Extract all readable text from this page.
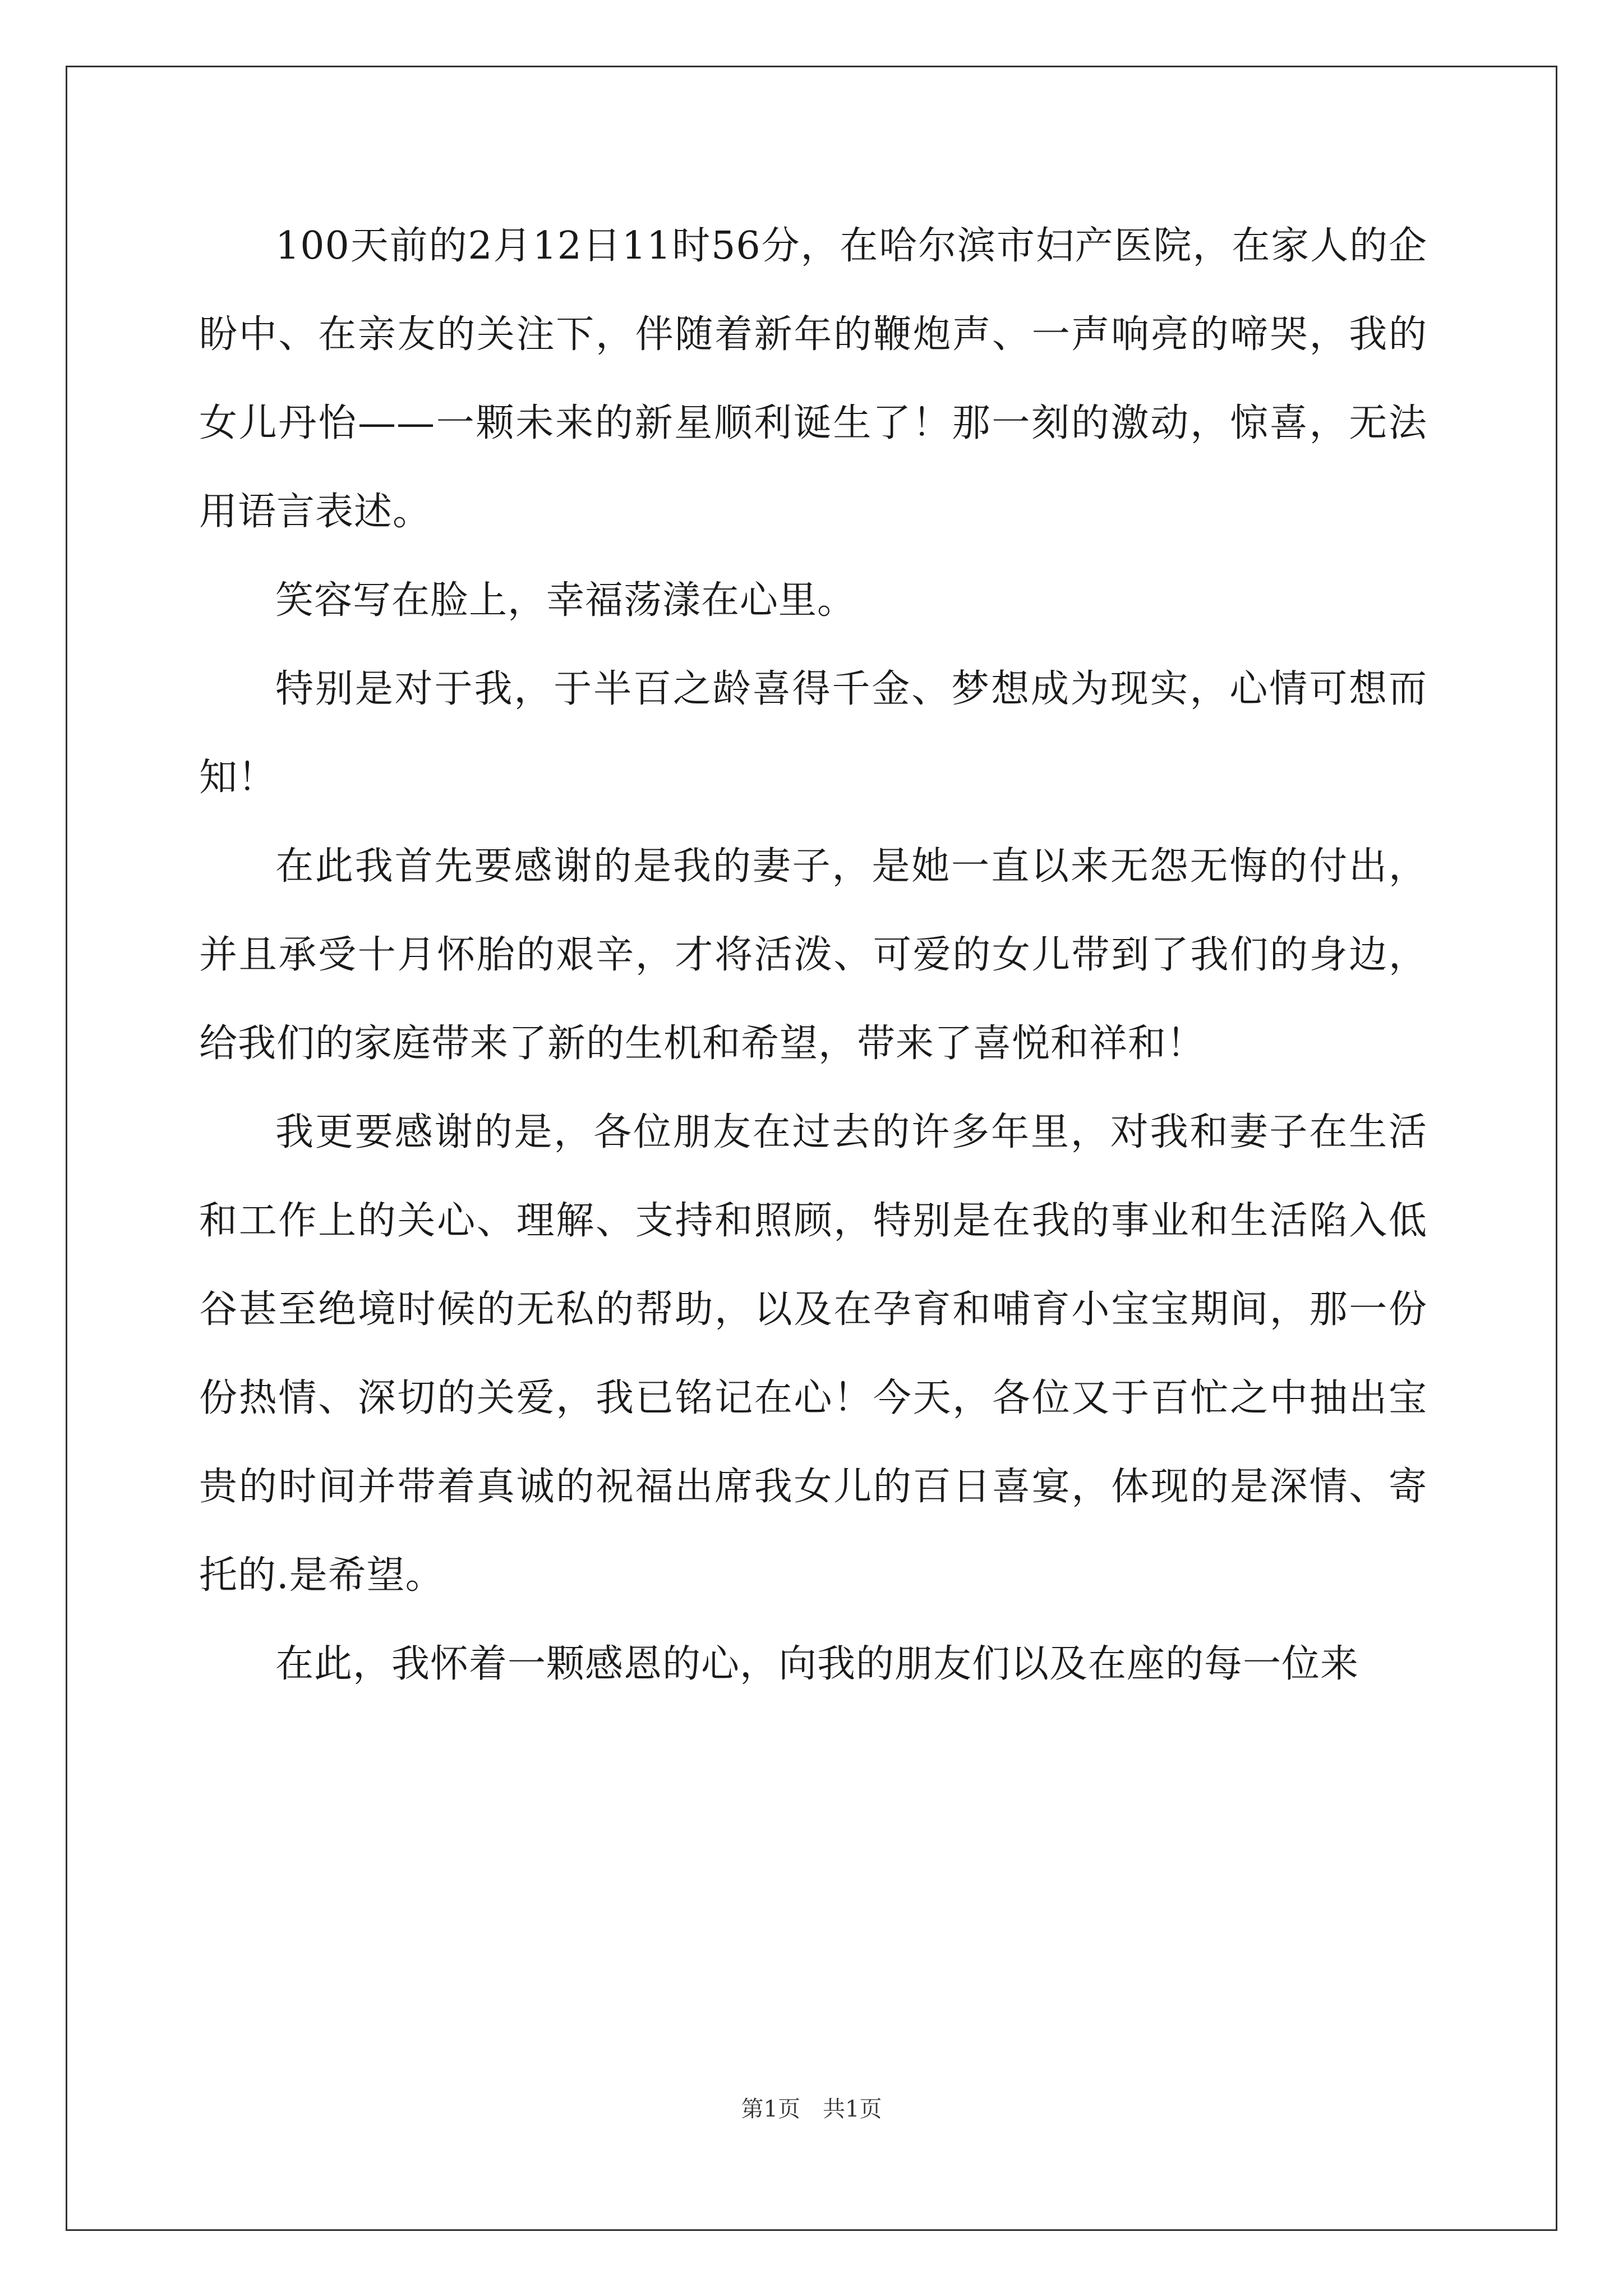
100天前的2月12日11时56分，在哈尔滨市妇产医院，在家人的企盼中、在亲友的关注下，伴随着新年的鞭炮声、一声响亮的啼哭，我的女儿丹怡——一颗未来的新星顺利诞生了！那一刻的激动，惊喜，无法用语言表述。

笑容写在脸上，幸福荡漾在心里。

特别是对于我，于半百之龄喜得千金、梦想成为现实，心情可想而知！

在此我首先要感谢的是我的妻子，是她一直以来无怨无悔的付出，并且承受十月怀胎的艰辛，才将活泼、可爱的女儿带到了我们的身边，给我们的家庭带来了新的生机和希望，带来了喜悦和祥和！

我更要感谢的是，各位朋友在过去的许多年里，对我和妻子在生活和工作上的关心、理解、支持和照顾，特别是在我的事业和生活陷入低谷甚至绝境时候的无私的帮助，以及在孕育和哺育小宝宝期间，那一份份热情、深切的关爱，我已铭记在心！今天，各位又于百忙之中抽出宝贵的时间并带着真诚的祝福出席我女儿的百日喜宴，体现的是深情、寄托的.是希望。

在此，我怀着一颗感恩的心，向我的朋友们以及在座的每一位来

第1页　共1页
